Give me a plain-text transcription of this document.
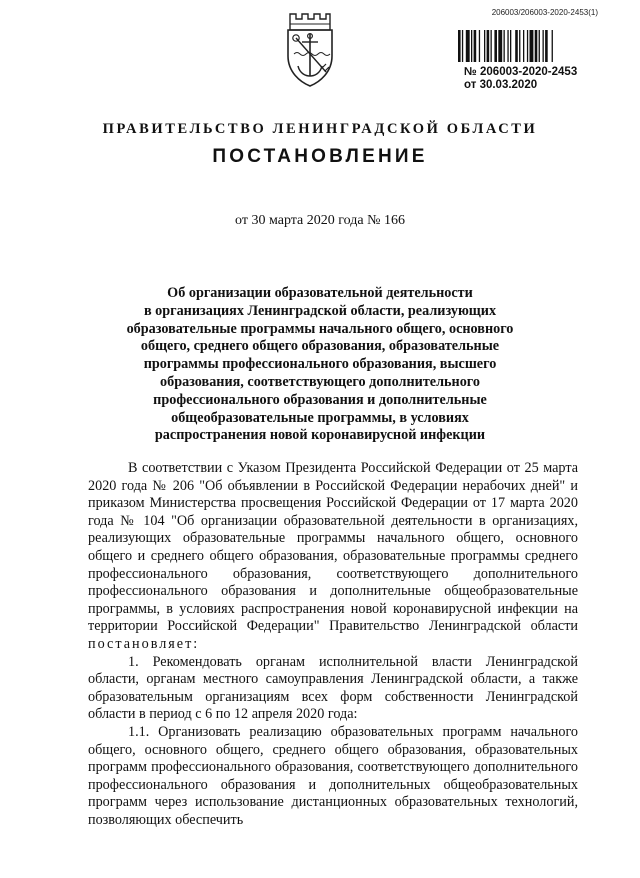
206003/206003-2020-2453(1)
№ 206003-2020-2453
от 30.03.2020
ПРАВИТЕЛЬСТВО ЛЕНИНГРАДСКОЙ ОБЛАСТИ
ПОСТАНОВЛЕНИЕ
от 30 марта 2020 года № 166
Об организации образовательной деятельности
в организациях Ленинградской области, реализующих
образовательные программы начального общего, основного
общего, среднего общего образования, образовательные
программы профессионального образования, высшего
образования, соответствующего дополнительного
профессионального образования и дополнительные
общеобразовательные программы, в условиях
распространения новой коронавирусной инфекции

В соответствии с Указом Президента Российской Федерации от 25 марта 2020 года № 206 "Об объявлении в Российской Федерации нерабочих дней" и приказом Министерства просвещения Российской Федерации от 17 марта 2020 года № 104 "Об организации образовательной деятельности в организациях, реализующих образовательные программы начального общего, основного общего и среднего общего образования, образовательные программы среднего профессионального образования, соответствующего дополнительного профессионального образования и дополнительные общеобразовательные программы, в условиях распространения новой коронавирусной инфекции на территории Российской Федерации" Правительство Ленинградской области постановляет:

1. Рекомендовать органам исполнительной власти Ленинградской области, органам местного самоуправления Ленинградской области, а также образовательным организациям всех форм собственности Ленинградской области в период с 6 по 12 апреля 2020 года:

1.1. Организовать реализацию образовательных программ начального общего, основного общего, среднего общего образования, образовательных программ профессионального образования, соответствующего дополнительного профессионального образования и дополнительных общеобразовательных программ через использование дистанционных образовательных технологий, позволяющих обеспечить
